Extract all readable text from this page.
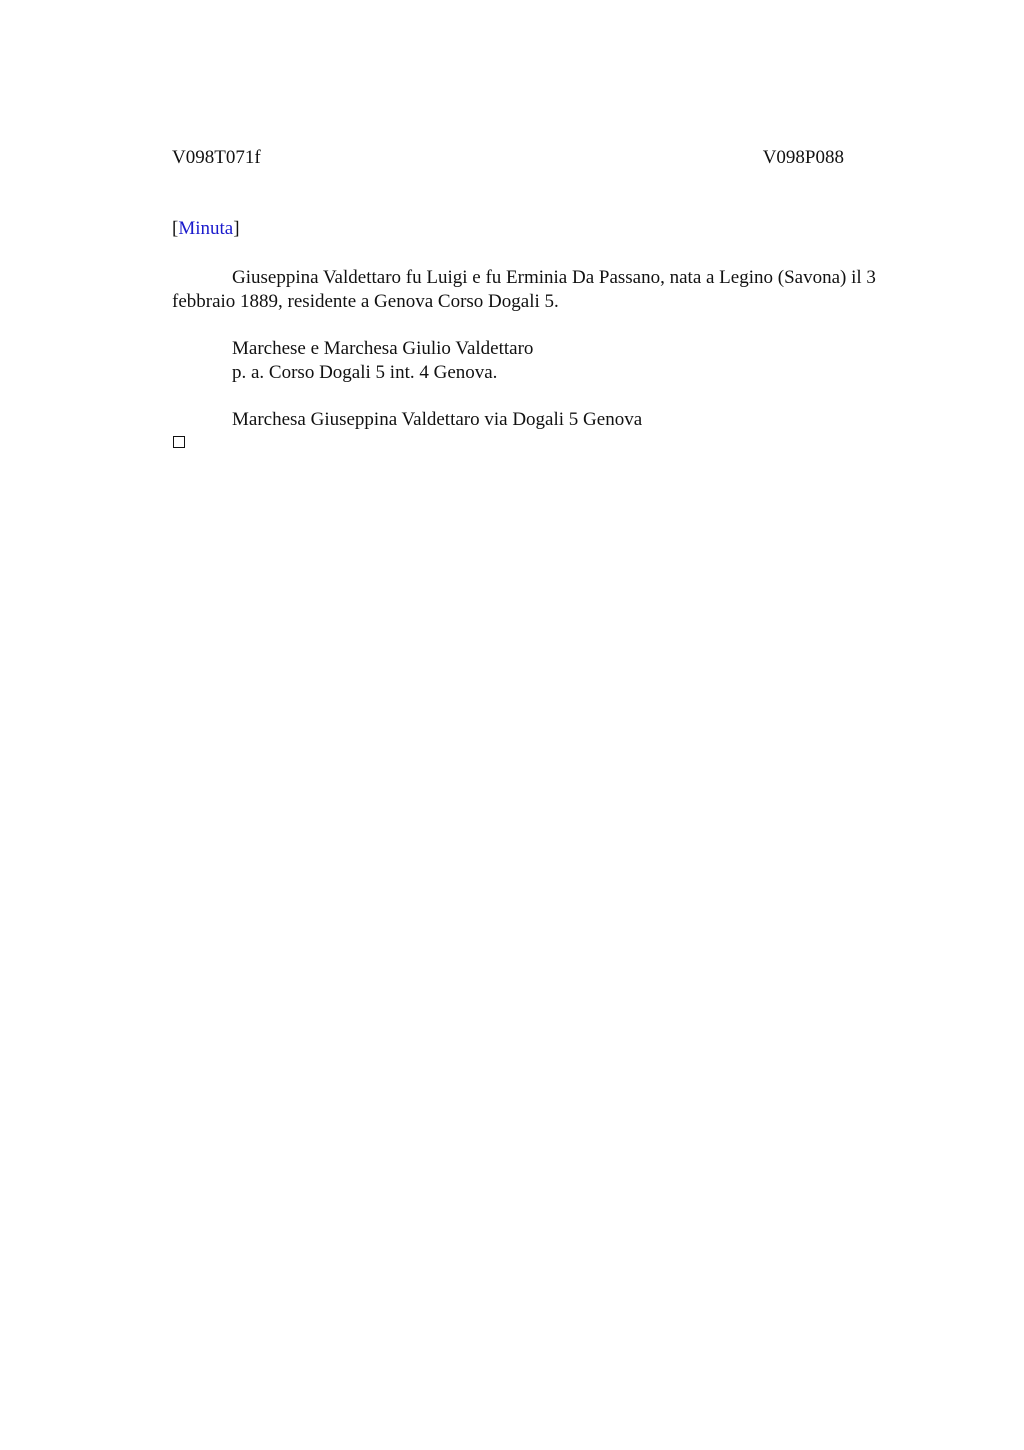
V098T071f	V098P088
[Minuta]

Giuseppina Valdettaro fu Luigi e fu Erminia Da Passano, nata a Legino (Savona) il 3 febbraio 1889, residente a Genova Corso Dogali 5.

Marchese e Marchesa Giulio Valdettaro
p. a. Corso Dogali 5 int. 4 Genova.
Marchesa Giuseppina Valdettaro via Dogali 5 Genova
